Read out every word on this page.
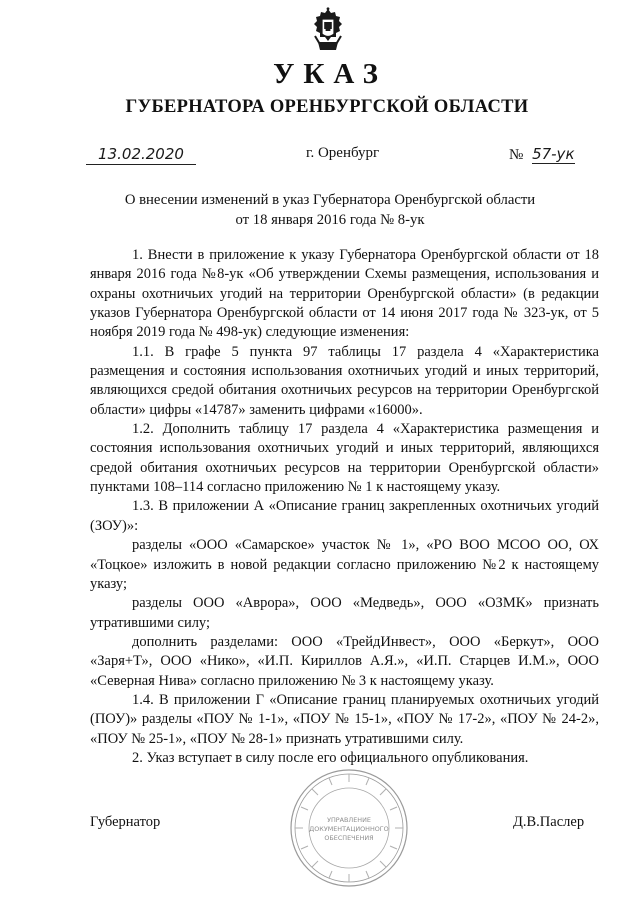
УКАЗ
ГУБЕРНАТОРА ОРЕНБУРГСКОЙ ОБЛАСТИ
13.02.2020	г. Оренбург	№ 57-ук
О внесении изменений в указ Губернатора Оренбургской области
от 18 января 2016 года № 8-ук

1. Внести в приложение к указу Губернатора Оренбургской области от 18 января 2016 года №8-ук «Об утверждении Схемы размещения, использования и охраны охотничьих угодий на территории Оренбургской области» (в редакции указов Губернатора Оренбургской области от 14 июня 2017 года № 323-ук, от 5 ноября 2019 года № 498-ук) следующие изменения:

1.1. В графе 5 пункта 97 таблицы 17 раздела 4 «Характеристика размещения и состояния использования охотничьих угодий и иных территорий, являющихся средой обитания охотничьих ресурсов на территории Оренбургской области» цифры «14787» заменить цифрами «16000».

1.2. Дополнить таблицу 17 раздела 4 «Характеристика размещения и состояния использования охотничьих угодий и иных территорий, являющихся средой обитания охотничьих ресурсов на территории Оренбургской области» пунктами 108–114 согласно приложению № 1 к настоящему указу.

1.3. В приложении А «Описание границ закрепленных охотничьих угодий (ЗОУ)»:

разделы «ООО «Самарское» участок № 1», «РО ВОО МСОО ОО, ОХ «Тоцкое» изложить в новой редакции согласно приложению №2 к настоящему указу;

разделы ООО «Аврора», ООО «Медведь», ООО «ОЗМК» признать утратившими силу;

дополнить разделами: ООО «ТрейдИнвест», ООО «Беркут», ООО «Заря+Т», ООО «Нико», «И.П. Кириллов А.Я.», «И.П. Старцев И.М.», ООО «Северная Нива» согласно приложению № 3 к настоящему указу.

1.4. В приложении Г «Описание границ планируемых охотничьих угодий (ПОУ)» разделы «ПОУ № 1-1», «ПОУ № 15-1», «ПОУ № 17-2», «ПОУ № 24-2», «ПОУ № 25-1», «ПОУ № 28-1» признать утратившими силу.

2. Указ вступает в силу после его официального опубликования.

Губернатор	Д.В.Паслер
УПРАВЛЕНИЕ
ДОКУМЕНТАЦИОННОГО
ОБЕСПЕЧЕНИЯ
